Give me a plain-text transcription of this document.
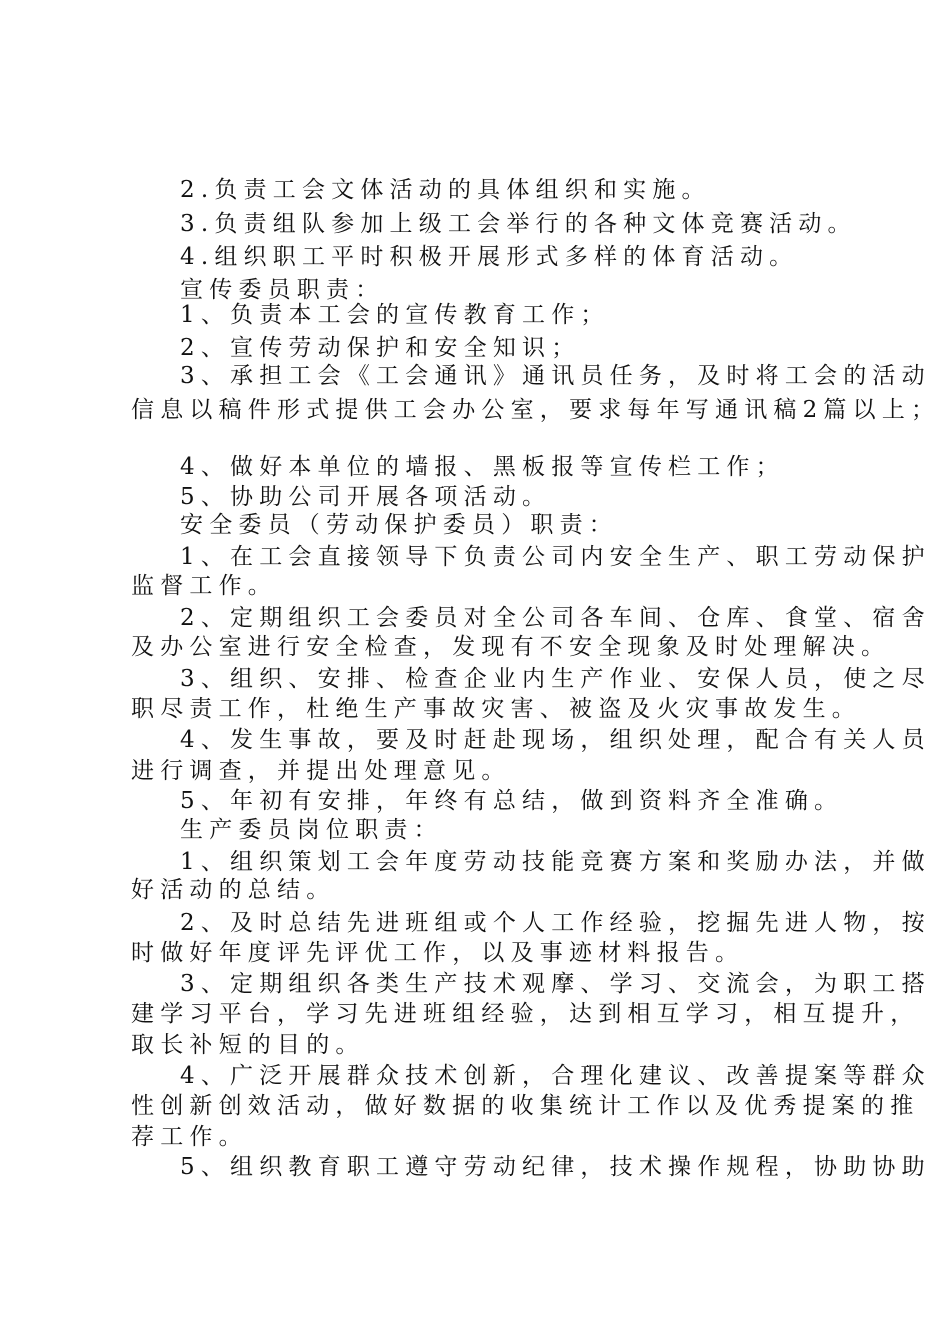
2.负责工会文体活动的具体组织和实施。
3.负责组队参加上级工会举行的各种文体竞赛活动。
4.组织职工平时积极开展形式多样的体育活动。
宣传委员职责：
1、负责本工会的宣传教育工作；
2、宣传劳动保护和安全知识；
3、承担工会《工会通讯》通讯员任务，及时将工会的活动
信息以稿件形式提供工会办公室，要求每年写通讯稿2篇以上；
4、做好本单位的墙报、黑板报等宣传栏工作；
5、协助公司开展各项活动。
安全委员（劳动保护委员）职责：
1、在工会直接领导下负责公司内安全生产、职工劳动保护
监督工作。
2、定期组织工会委员对全公司各车间、仓库、食堂、宿舍
及办公室进行安全检查，发现有不安全现象及时处理解决。
3、组织、安排、检查企业内生产作业、安保人员，使之尽
职尽责工作，杜绝生产事故灾害、被盗及火灾事故发生。
4、发生事故，要及时赶赴现场，组织处理，配合有关人员
进行调查，并提出处理意见。
5、年初有安排，年终有总结，做到资料齐全准确。
生产委员岗位职责：
1、组织策划工会年度劳动技能竞赛方案和奖励办法，并做
好活动的总结。
2、及时总结先进班组或个人工作经验，挖掘先进人物，按
时做好年度评先评优工作，以及事迹材料报告。
3、定期组织各类生产技术观摩、学习、交流会，为职工搭
建学习平台，学习先进班组经验，达到相互学习，相互提升，
取长补短的目的。
4、广泛开展群众技术创新，合理化建议、改善提案等群众
性创新创效活动，做好数据的收集统计工作以及优秀提案的推
荐工作。
5、组织教育职工遵守劳动纪律，技术操作规程，协助协助
